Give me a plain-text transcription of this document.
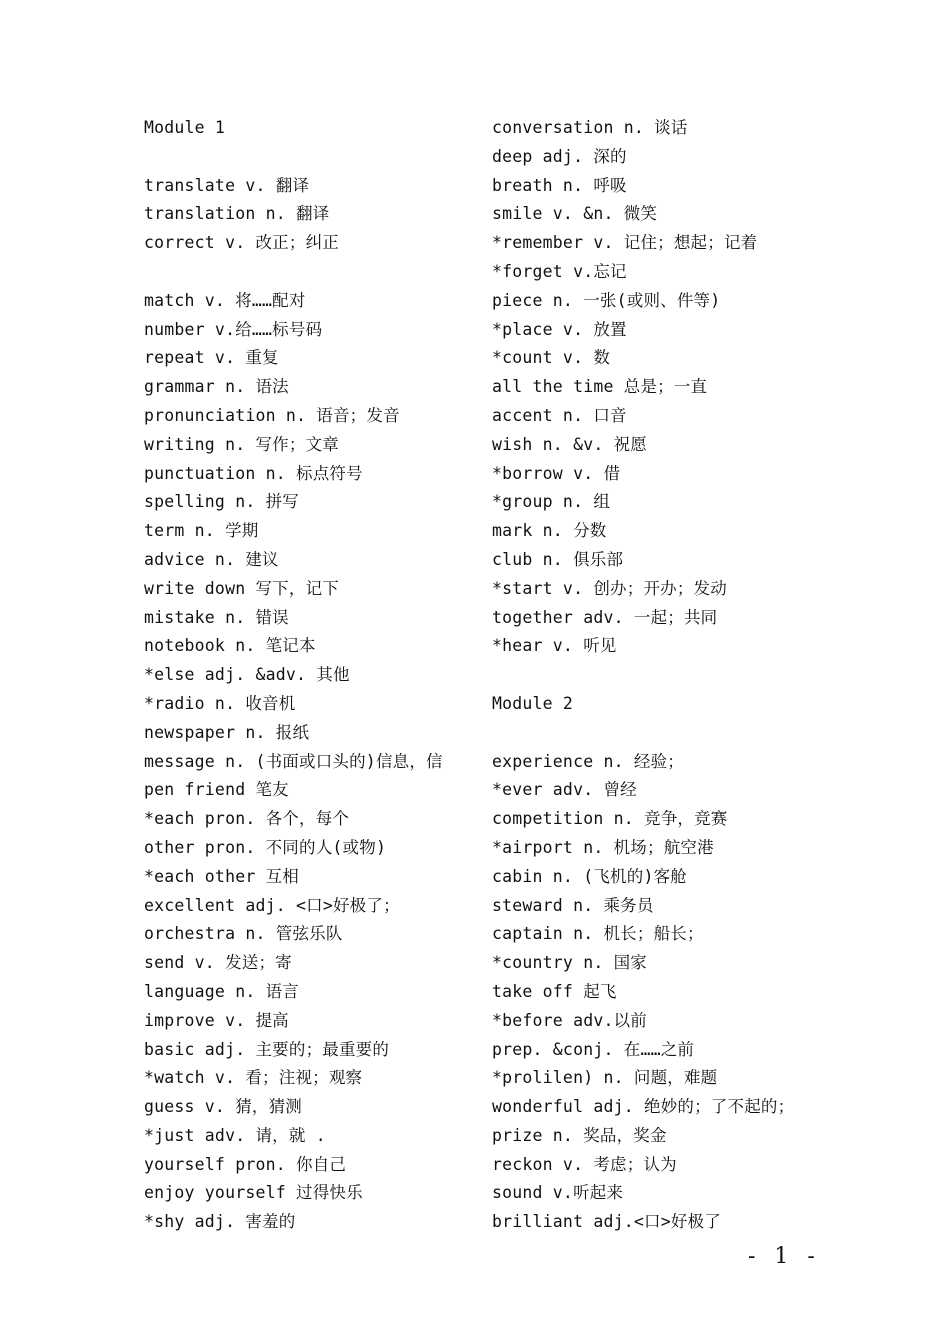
Module 1
translate v. 翻译
translation n. 翻译
correct v. 改正；纠正
match v. 将……配对
number v.给……标号码
repeat v. 重复
grammar n. 语法
pronunciation n. 语音；发音
writing n. 写作；文章
punctuation n. 标点符号
spelling n. 拼写
term n. 学期
advice n. 建议
write down 写下，记下
mistake n. 错误
notebook n. 笔记本
*else adj. &adv. 其他
*radio n. 收音机
newspaper n. 报纸
message n. (书面或口头的)信息，信
pen friend 笔友
*each pron. 各个，每个
other pron. 不同的人(或物)
*each other 互相
excellent adj. <口>好极了；
orchestra n. 管弦乐队
send v. 发送；寄
language n. 语言
improve v. 提高
basic adj. 主要的；最重要的
*watch v. 看；注视；观察
guess v. 猜，猜测
*just adv. 请，就 .
yourself pron. 你自己
enjoy yourself 过得快乐
*shy adj. 害羞的
conversation n. 谈话
deep adj. 深的
breath n. 呼吸
smile v. &n. 微笑
*remember v. 记住；想起；记着
*forget v.忘记
piece n. 一张(或则、件等)
*place v. 放置
*count v. 数
all the time 总是；一直
accent n. 口音
wish n. &v. 祝愿
*borrow v. 借
*group n. 组
mark n. 分数
club n. 俱乐部
*start v. 创办；开办；发动
together adv. 一起；共同
*hear v. 听见
Module 2
experience n. 经验；
*ever adv. 曾经
competition n. 竞争，竞赛
*airport n. 机场；航空港
cabin n. (飞机的)客舱
steward n. 乘务员
captain n. 机长；船长；
*country n. 国家
take off 起飞
*before adv.以前
prep. &conj. 在……之前
*prolilen) n. 问题，难题
wonderful adj. 绝妙的；了不起的；
prize n. 奖品，奖金
reckon v. 考虑；认为
sound v.听起来
brilliant adj.<口>好极了
- 1 -
